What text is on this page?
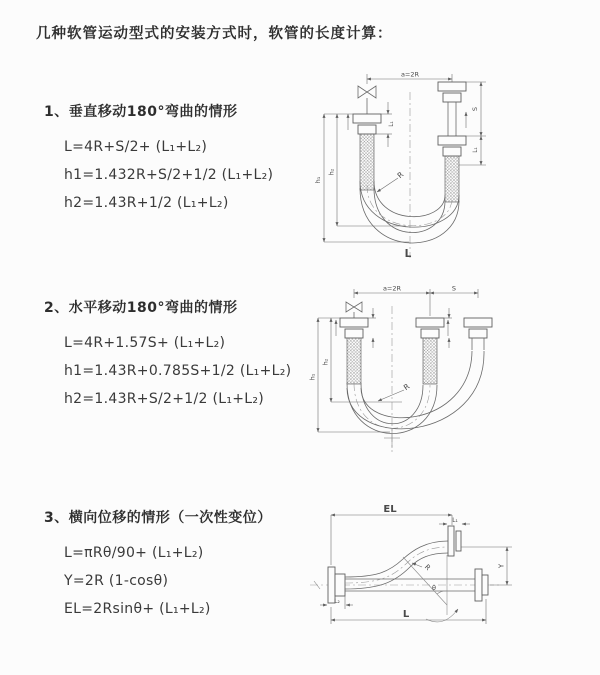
几种软管运动型式的安装方式时，软管的长度计算：
1、垂直移动180°弯曲的情形
L=4R+S/2+ (L₁+L₂)
h1=1.432R+S/2+1/2 (L₁+L₂)
h2=1.43R+1/2 (L₁+L₂)
2、水平移动180°弯曲的情形
L=4R+1.57S+ (L₁+L₂)
h1=1.43R+0.785S+1/2 (L₁+L₂)
h2=1.43R+S/2+1/2 (L₁+L₂)
3、横向位移的情形（一次性变位）
L=πRθ/90+ (L₁+L₂)
Y=2R (1-cosθ)
EL=2Rsinθ+ (L₁+L₂)
a=2R
h₁
h₂
L₁
S
L₁
R
L
a=2R	S
h₁
h₂
R
EL
L₁
Y
R
θ
L₂
L
